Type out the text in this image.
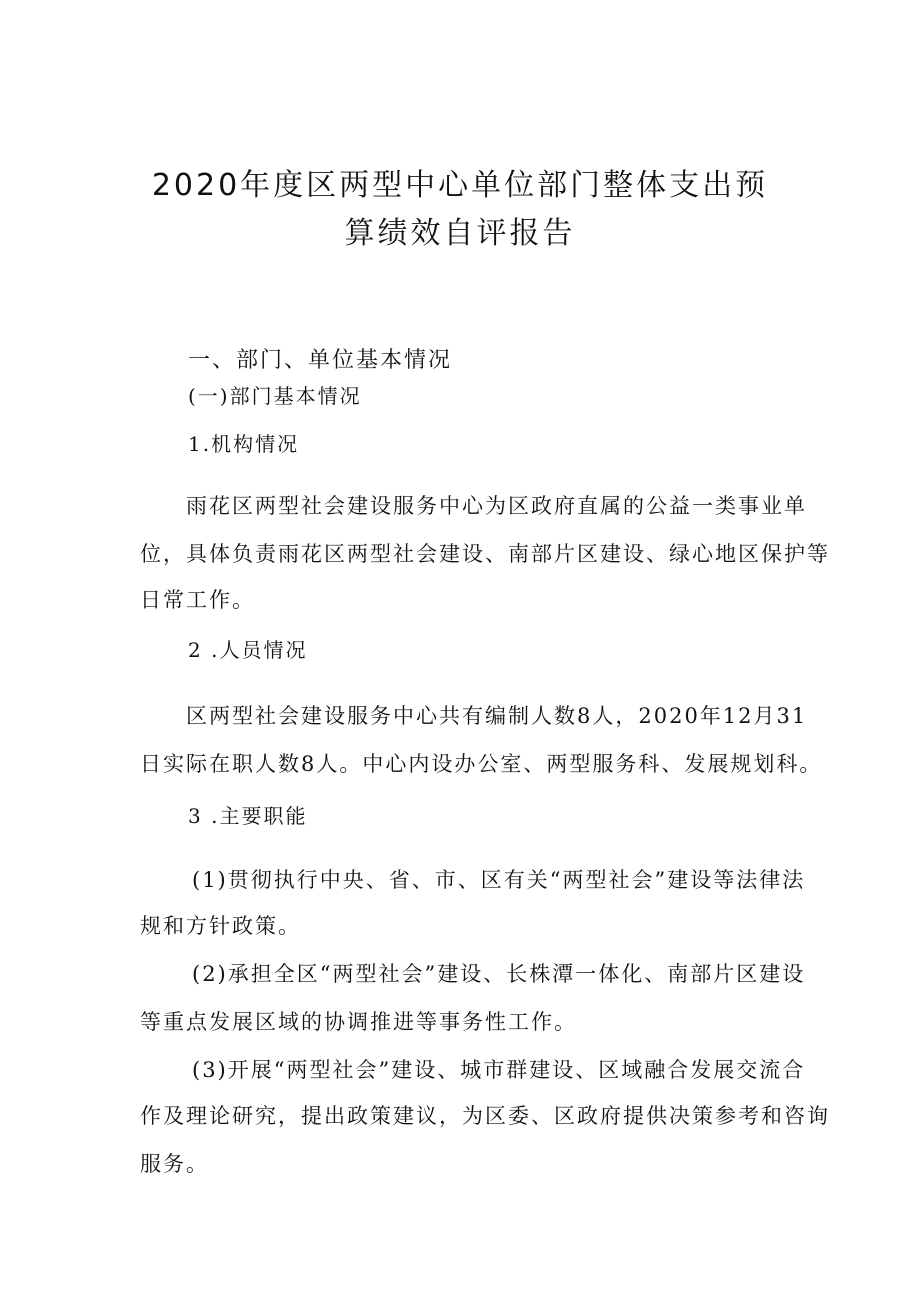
2020年度区两型中心单位部门整体支出预
算绩效自评报告
一、部门、单位基本情况
(一)部门基本情况
1.机构情况
雨花区两型社会建设服务中心为区政府直属的公益一类事业单
位，具体负责雨花区两型社会建设、南部片区建设、绿心地区保护等
日常工作。
2 .人员情况
区两型社会建设服务中心共有编制人数8人，2020年12月31
日实际在职人数8人。中心内设办公室、两型服务科、发展规划科。
3 .主要职能
(1)贯彻执行中央、省、市、区有关“两型社会”建设等法律法
规和方针政策。
(2)承担全区“两型社会”建设、长株潭一体化、南部片区建设
等重点发展区域的协调推进等事务性工作。
(3)开展“两型社会”建设、城市群建设、区域融合发展交流合
作及理论研究，提出政策建议，为区委、区政府提供决策参考和咨询
服务。
